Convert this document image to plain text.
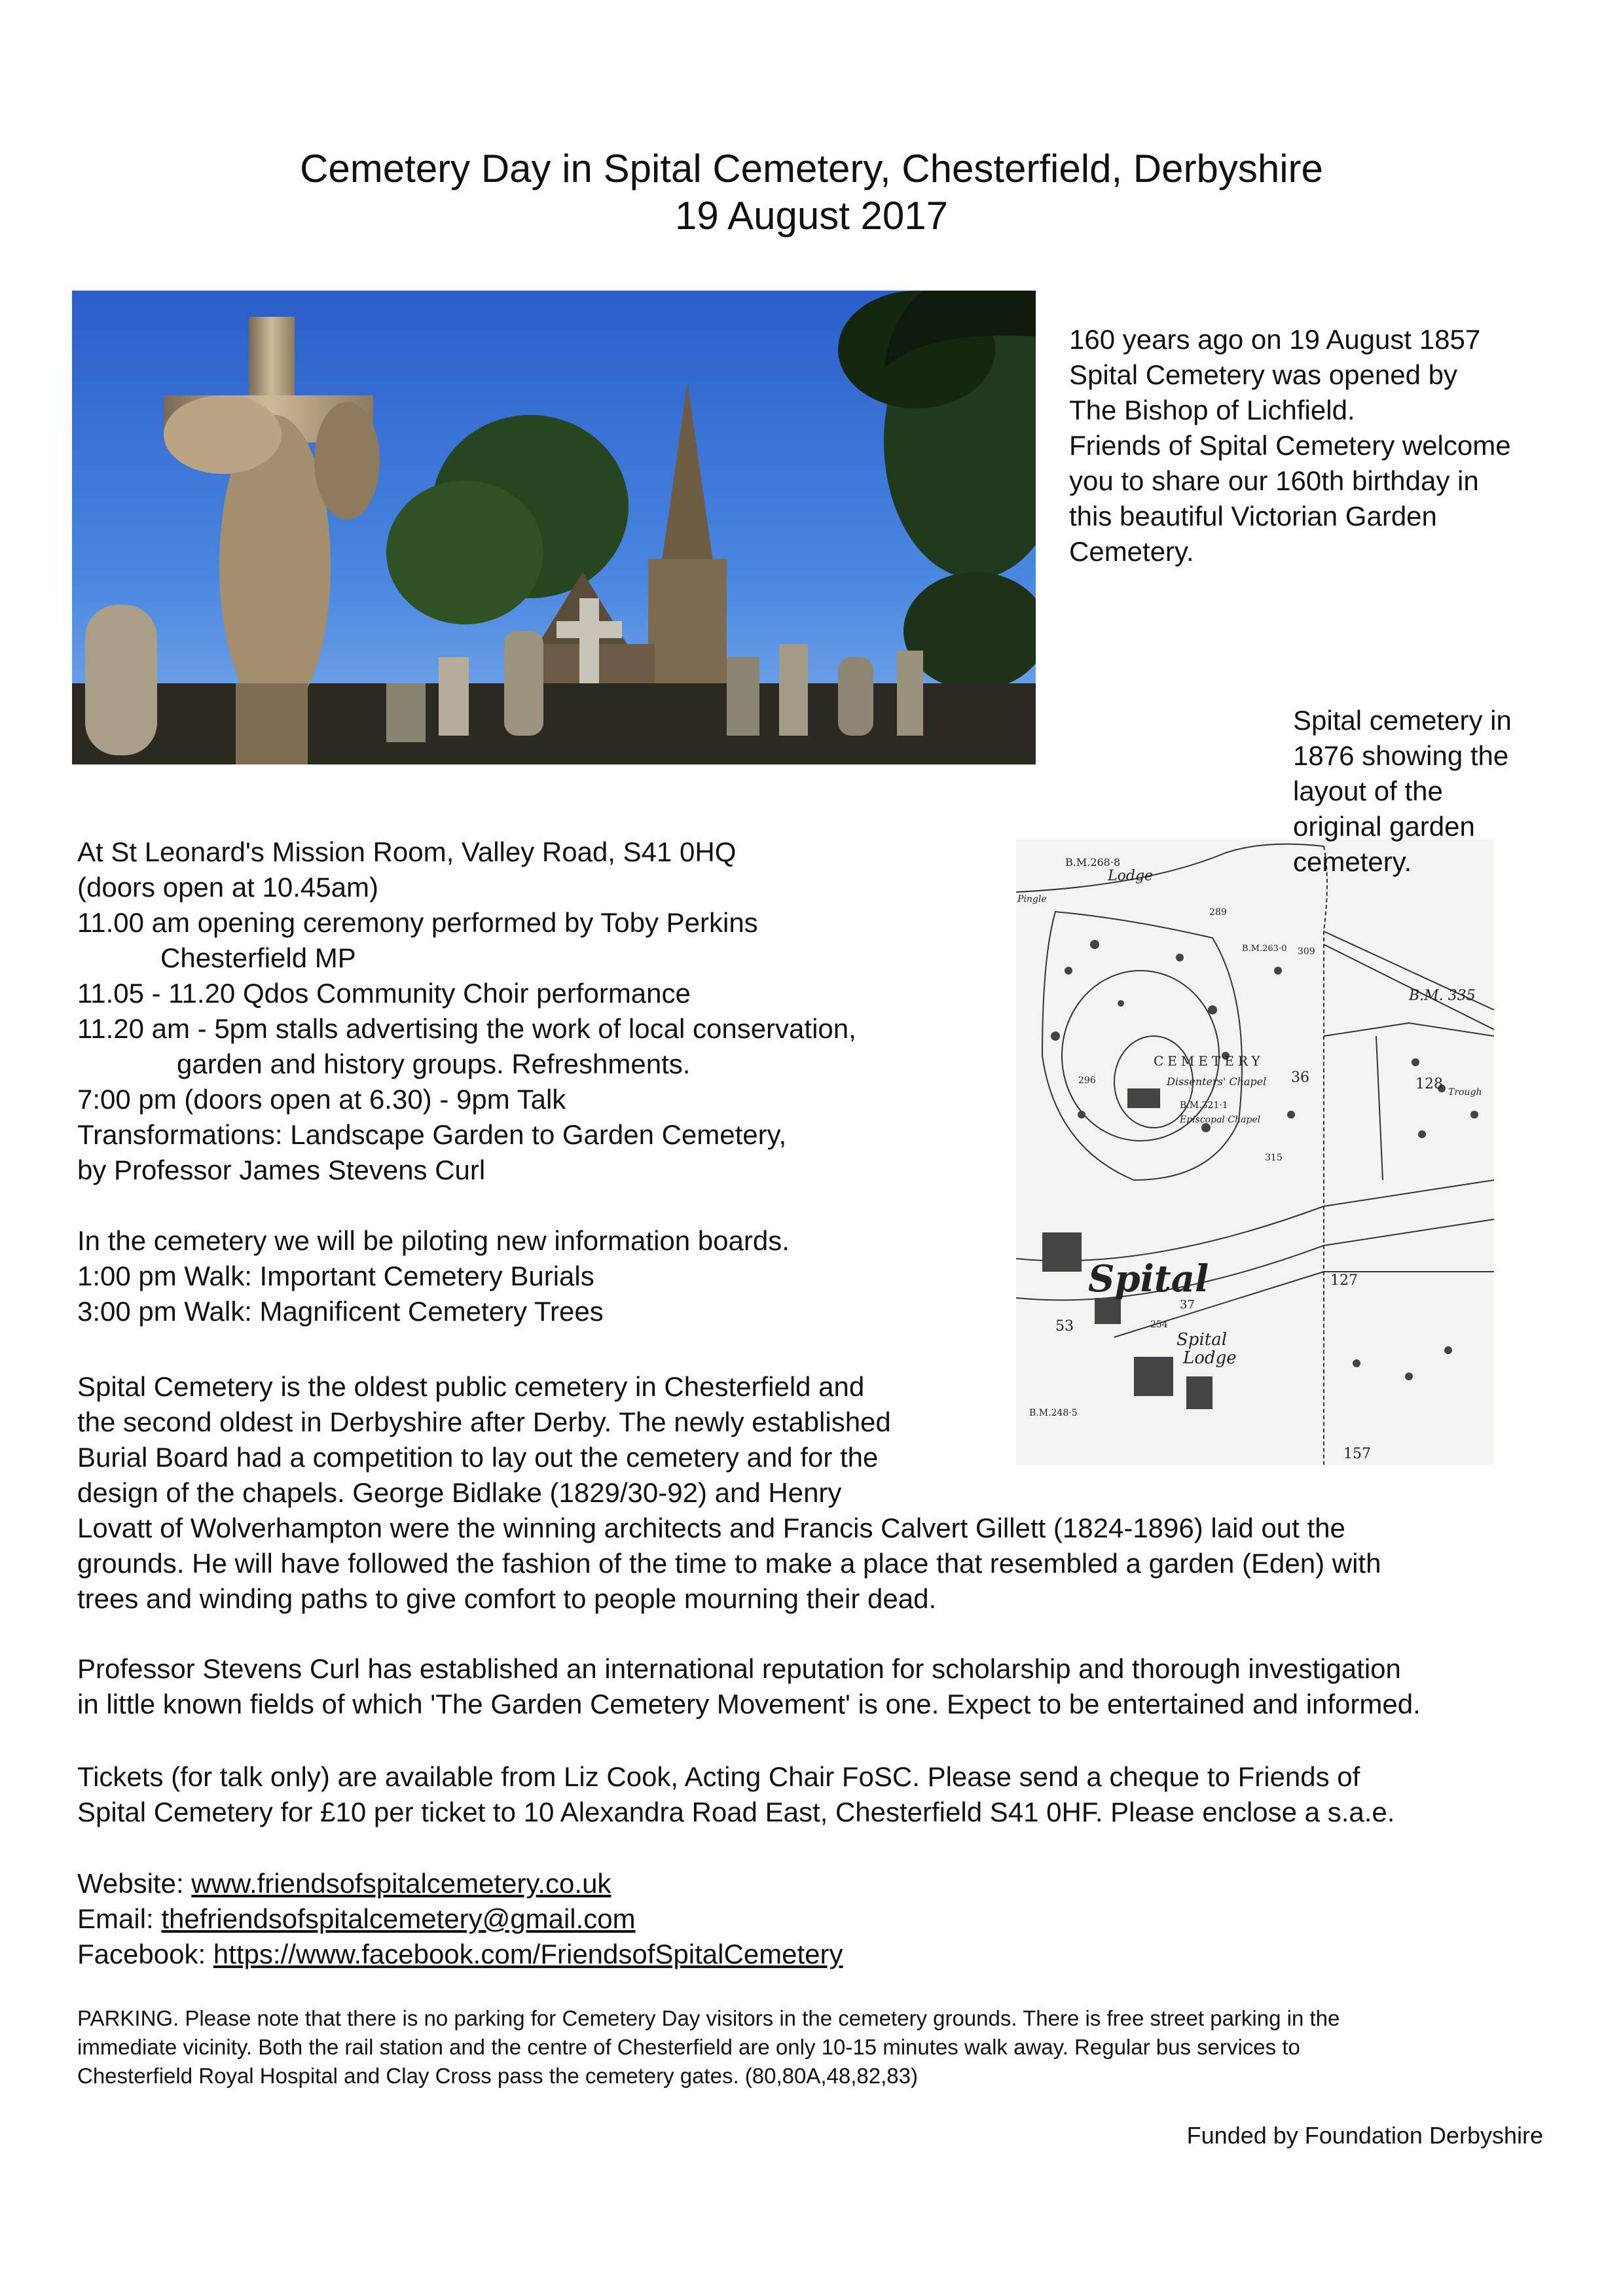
Cemetery Day in Spital Cemetery, Chesterfield, Derbyshire
19 August 2017

160 years ago on 19 August 1857

Spital Cemetery was opened by

The Bishop of Lichfield.

Friends of Spital Cemetery welcome

you to share our 160th birthday in

this beautiful Victorian Garden

Cemetery.

Lodge
B.M.268·8
B.M. 335
CEMETERY
Dissenters' Chapel
Episcopal Chapel
36	128 Trough
127
Spital
37
Spital
Lodge
53
157
B.M.248·5
289
296
315
254
B.M.321·1
B.M.263·0 309
Pingle

Spital cemetery in

1876 showing the

layout of the

original garden

cemetery.

At St Leonard's Mission Room, Valley Road, S41 0HQ

(doors open at 10.45am)

11.00 am opening ceremony performed by Toby Perkins

Chesterfield MP

11.05 - 11.20 Qdos Community Choir performance

11.20 am - 5pm stalls advertising the work of local conservation,

garden and history groups. Refreshments.

7:00 pm (doors open at 6.30) - 9pm Talk

Transformations: Landscape Garden to Garden Cemetery,

by Professor James Stevens Curl

In the cemetery we will be piloting new information boards.

1:00 pm Walk: Important Cemetery Burials

3:00 pm Walk: Magnificent Cemetery Trees

Spital Cemetery is the oldest public cemetery in Chesterfield and

the second oldest in Derbyshire after Derby. The newly established

Burial Board had a competition to lay out the cemetery and for the

design of the chapels. George Bidlake (1829/30-92) and Henry

Lovatt of Wolverhampton were the winning architects and Francis Calvert Gillett (1824-1896) laid out the

grounds. He will have followed the fashion of the time to make a place that resembled a garden (Eden) with

trees and winding paths to give comfort to people mourning their dead.

Professor Stevens Curl has established an international reputation for scholarship and thorough investigation

in little known fields of which 'The Garden Cemetery Movement' is one. Expect to be entertained and informed.

Tickets (for talk only) are available from Liz Cook, Acting Chair FoSC. Please send a cheque to Friends of

Spital Cemetery for £10 per ticket to 10 Alexandra Road East, Chesterfield S41 0HF. Please enclose a s.a.e.

Website: www.friendsofspitalcemetery.co.uk

Email: thefriendsofspitalcemetery@gmail.com

Facebook: https://www.facebook.com/FriendsofSpitalCemetery

PARKING. Please note that there is no parking for Cemetery Day visitors in the cemetery grounds. There is free street parking in the

immediate vicinity. Both the rail station and the centre of Chesterfield are only 10-15 minutes walk away. Regular bus services to

Chesterfield Royal Hospital and Clay Cross pass the cemetery gates. (80,80A,48,82,83)

Funded by Foundation Derbyshire
